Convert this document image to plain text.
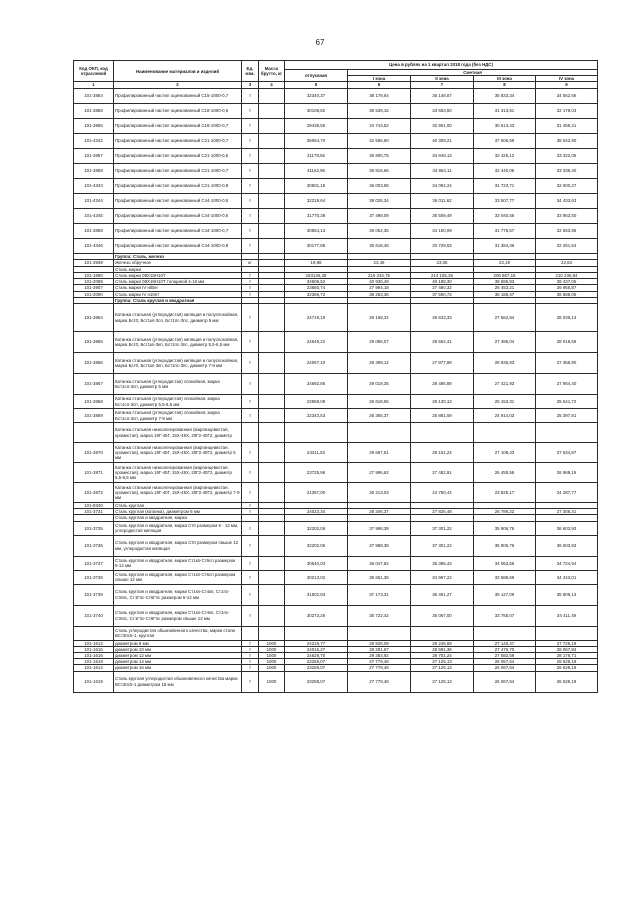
67
Код ОКП, код отраслевой	Наименование материалов и изделий	Ед. изм.	Масса брутто, кг	Цена в рублях на 1 квартал 2018 года (без НДС)				
				отпускная	Сметная			
					I зона	II зона	III зона	IV зона
1	2	3	4	5	6	7	8	9
101-3854	Профилированный настил оцинкованный С15-1000-0,7	т		32340,37	38 178,64	36 148,67	35 833,34	34 562,66
101-3855	Профилированный настил оцинкованный С18-1000-0,6	т		30108,82	35 539,15	33 653,50	31 313,61	32 178,03
101-3856	Профилированный настил оцинкованный С18-1000-0,7	т		29438,56	34 743,52	32 901,00	30 613,43	31 459,31
101-4342	Профилированный настил оцинкованный С21-1000-0,7	т		36064,70	42 566,60	40 309,21	37 506,59	38 542,90
101-3857	Профилированный настил оцинкованный С21-1000-0,6	т		31178,56	36 800,75	34 849,13	32 426,12	33 322,06
101-3858	Профилированный настил оцинкованный С21-1000-0,7	т		31162,96	36 816,66	34 864,11	32 440,05	33 336,40
101-4343	Профилированный настил оцинкованный С21-1000-0,8	т		30501,16	36 003,58	34 094,24	31 723,71	32 600,27
101-4344	Профилированный настил оцинкованный С44-1000-0,5	т		32219,64	38 026,34	36 011,62	33 507,77	34 433,63
101-4345	Профилированный настил оцинкованный С44-1000-0,6	т		31770,39	37 498,09	35 509,49	33 040,56	33 953,50
101-3859	Профилированный настил оцинкованный С44-1000-0,7	т		30554,13	36 062,36	34 150,09	31 775,67	32 653,86
101-4346	Профилированный настил оцинкованный С44-1000-0,8	т		30177,85	35 618,45	33 729,53	31 384,36	32 251,54
	Группа: Сталь, железо							
101-3939	Железо обручное	кг		19,88	23,49	23,08	22,19	22,63
	Сталь марки							
101-1890	Сталь марки 08Х18Н10Т	т		183136,28	216 334,75	214 155,26	206 867,16	210 236,84
101-2089	Сталь марки 08Х18Н10Т толщиной 4-16 мм	т		34606,52	40 936,49	40 188,30	38 685,93	39 437,06
101-3907	Сталь марки IV н/Вег	т		23660,74	27 994,18	27 480,32	26 453,21	26 966,87
101-2090	Сталь марки IV н10ет	т		32369,72	38 293,36	37 590,72	36 185,47	36 888,05
	Группа: Сталь круглая и квадратная							
101-3864	Катанка стальная (углеродистая) кипящая и полуспокойная, марка Бст0, Бст1кп-3сп, Бст1пс-3пс, диаметр 5 мм	т		24719,10	29 158,32	28 633,33	27 562,94	28 036,13
101-3865	Катанка стальная (углеродистая) кипящая и полуспокойная, марка Бст0, Бст1кп-3кп, Бст1пс-3пс, диаметр 5,5-6,5 мм	т		24649,22	29 086,07	28 552,41	27 485,04	28 018,69
101-3866	Катанка стальная (углеродистая) кипящая и полуспокойная, марка Бст0, Бст1кп-3кп, Бст1пс-3пс, диаметр 7-9 мм	т		24067,10	28 399,12	27 877,98	26 835,83	27 356,90
101-3867	Катанка стальная (углеродистая) спокойная, марка Бст1сп-3сп, диаметр 5 мм	т		24692,86	29 019,35	28 486,88	27 421,93	27 954,40
101-3868	Катанка стальная (углеродистая) спокойная, марка Бст1сп-3сп, диаметр 5,5-6,5 мм	т		22558,09	26 618,55	26 130,13	25 153,31	25 641,72
101-3869	Катанка стальная (углеродистая) спокойная, марка Бст1сп-3сп, диаметр 7-9 мм	т		22343,53	26 365,37	25 881,59	24 914,03	25 397,81
	Катанка стальная низколегированная (марганцевистая, хромистая), марка 19Г-45Г, 15Х-45Х, 20Г2-40Г2, диаметр							
101-3870	Катанка стальная низколегированная (марганцевистая, хромистая), марка 19Г-45Г, 15Х-45Х, 20Г2-40Г2, диаметр 5 мм	т		24311,53	28 687,61	28 161,24	27 108,43	27 634,87
101-3871	Катанка стальная низколегированная (марганцевистая, хромистая), марка 19Г-45Г, 15Х-45Х, 20Г2-40Г2, диаметр 5,5-6,5 мм	т		23725,96	27 996,62	27 482,91	26 455,55	26 969,19
101-3872	Катанка стальная низколегированная (марганцевистая, хромистая), марка 19Г-40Г, 15Х-45Х, 20Г2-40Г2, диаметр 7-9 мм	т		21367,00	25 213,03	24 750,44	23 825,17	24 287,77
101-9340	Сталь круглая	т						
101-3731	Сталь круглая (катанка), диаметром 8 мм	т		24022,34	28 346,37	27 826,48	26 786,22	27 306,31
	Сталь круглая и квадратная, марка							
101-3735	Сталь круглая и квадратная, марка Ст0 размером 6 - 12 мм, углеродистая кипящая	т		32202,06	37 998,39	37 301,22	35 906,76	36 603,93
101-3736	Сталь круглая и квадратная, марка Ст0 размером свыше 12 мм, углеродистая кипящая	т		32202,06	37 998,39	37 301,22	35 906,76	36 603,93
101-3737	Сталь круглая и квадратная, марки Ст1кп-Ст6сп размером 5-12 мм	т		30540,03	36 047,82	35 386,43	34 063,56	34 724,94
101-3738	Сталь круглая и квадратная, марки Ст1кп-Ст6сп размером свыше 12 мм	т		30213,02	35 651,35	34 997,22	33 688,69	34 343,01
101-3739	Сталь круглая и квадратная, марки Ст1кп-Ст4кп, Ст1пс-Ст6пс, Ст1Гпс-Ст6Гпс размером 5-12 мм	т		31502,83	37 173,31	36 491,27	35 127,09	35 809,13
101-3740	Сталь круглая и квадратная, марки Ст1кп-Ст4кп, Ст1пс-Ст6пс, Ст1Гпс-Ст6Гпс размером свыше 12 мм	т		30273,26	35 722,42	35 067,00	33 755,07	34 411,49
	Сталь углеродистая обыкновенного качества, марки стали ВСт3пс5-1, круглая							
101-1613	диаметром 8 мм	т	1000	24219,77	28 928,09	28 246,69	27 145,47	27 725,18
101-1615	диаметром 10 мм	т	1000	24015,27	29 291,67	28 591,36	27 476,70	28 067,84
101-1616	диаметром 12 мм	т	1000	24629,70	29 383,92	28 701,24	27 582,59	28 176,71
101-1618	диаметром 14 мм	т	1000	23258,07	27 779,48	27 125,13	26 067,64	26 628,18
101-1614	диаметром 16 мм	т	1000	23258,07	27 779,48	27 125,13	26 067,64	26 628,18
101-1619	Сталь круглая углеродистая обыкновенного качества марки ВСт3пс5-1 диаметром 18 мм	т	1000	23258,07	27 779,48	27 125,13	26 067,64	26 628,18
